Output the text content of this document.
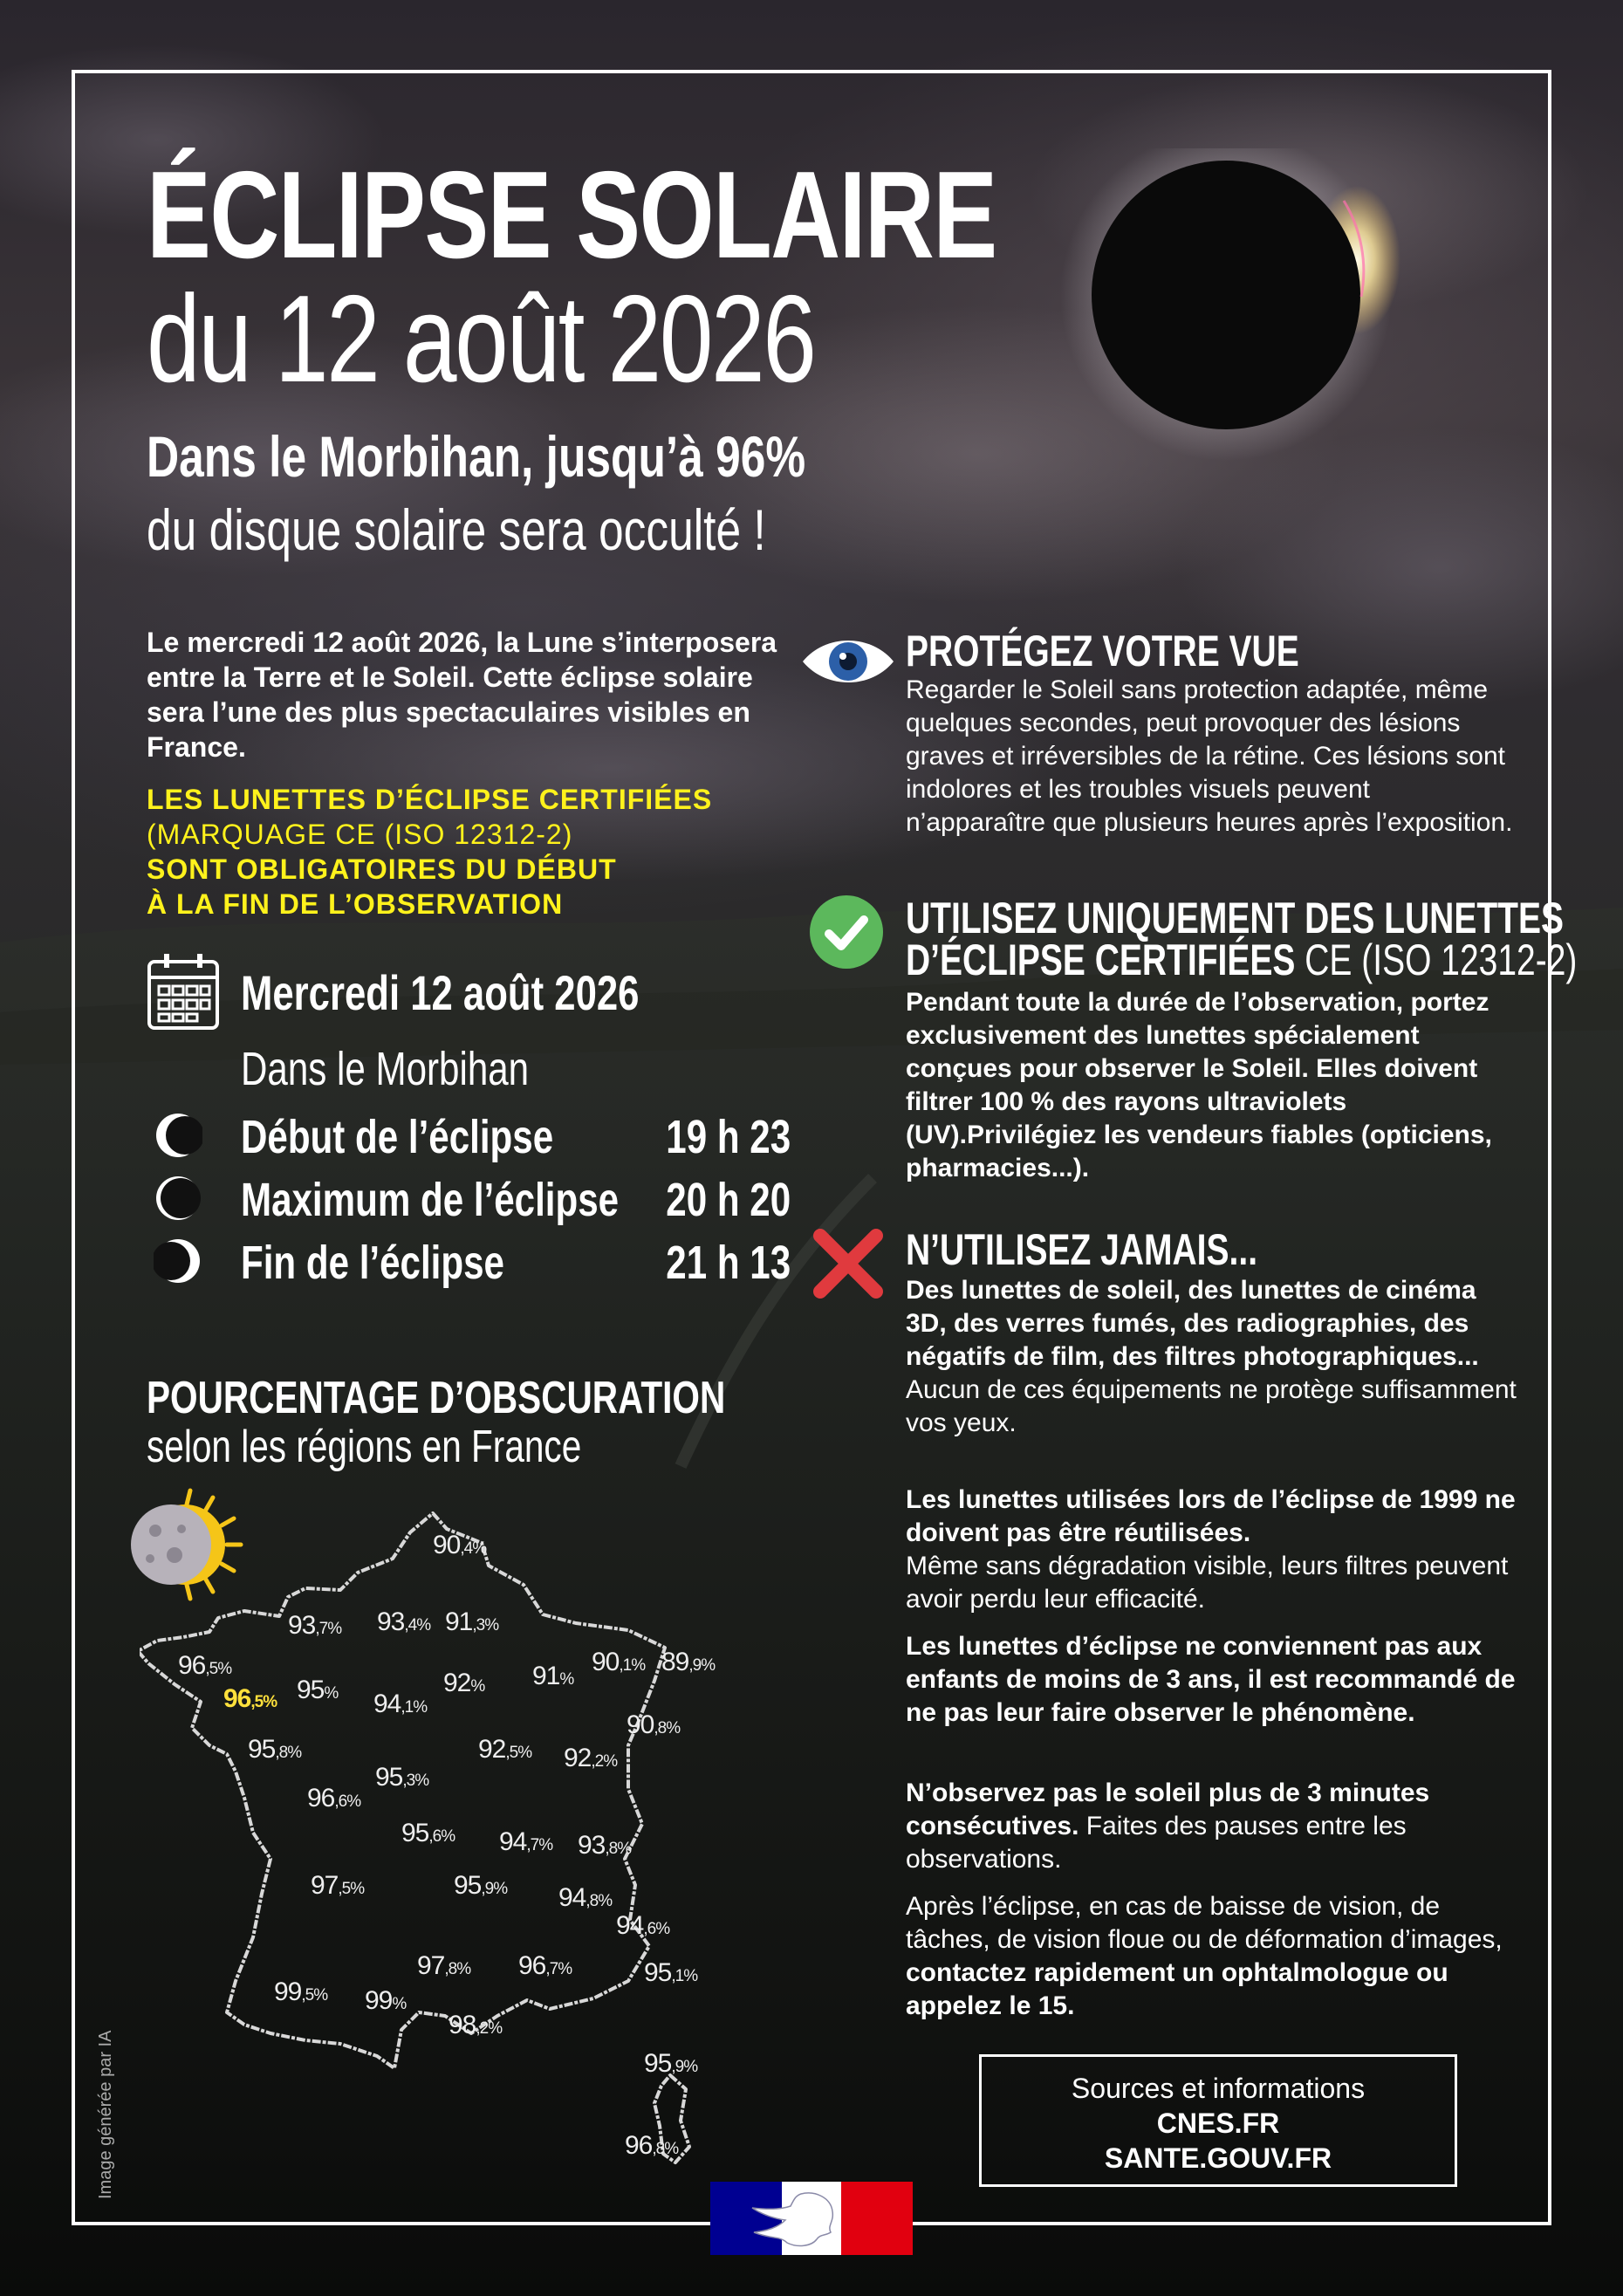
ÉCLIPSE SOLAIRE
du 12 août 2026
Dans le Morbihan, jusqu’à 96%
du disque solaire sera occulté !
Le mercredi 12 août 2026, la Lune s’interposera entre la Terre et le Soleil. Cette éclipse solaire sera l’une des plus spectaculaires visibles en France.
LES LUNETTES D’ÉCLIPSE CERTIFIÉES
(MARQUAGE CE (ISO 12312-2)
SONT OBLIGATOIRES DU DÉBUT
À LA FIN DE L’OBSERVATION
Mercredi 12 août 2026
Dans le Morbihan
Début de l’éclipse	19 h 23
Maximum de l’éclipse	20 h 20
Fin de l’éclipse	21 h 13
POURCENTAGE D’OBSCURATION
selon les régions en France
90,4%
93,7% 93,4% 91,3%
96,5%
96,5% 95% 94,1%
92% 91%
90,1% 89,9%
95,8%	92,5% 92,2%
90,8%
96,6%
95,3%
95,6% 94,7% 93,8%
97,5%	95,9% 94,8%
94,6%
97,8% 96,7%	95,1%
99,5% 99%
98,2%
95,9%
96,8%
Image générée par IA
PROTÉGEZ VOTRE VUE
Regarder le Soleil sans protection adaptée, même quelques secondes, peut provoquer des lésions graves et irréversibles de la rétine. Ces lésions sont indolores et les troubles visuels peuvent n’apparaître que plusieurs heures après l’exposition.
UTILISEZ UNIQUEMENT DES LUNETTES
D’ÉCLIPSE CERTIFIÉES CE (ISO 12312-2)
Pendant toute la durée de l’observation, portez exclusivement des lunettes spécialement conçues pour observer le Soleil. Elles doivent filtrer 100 % des rayons ultraviolets (UV).Privilégiez les vendeurs fiables (opticiens, pharmacies...).
N’UTILISEZ JAMAIS...
Des lunettes de soleil, des lunettes de cinéma 3D, des verres fumés, des radiographies, des négatifs de film, des filtres photographiques...
Aucun de ces équipements ne protège suffisamment vos yeux.
Les lunettes utilisées lors de l’éclipse de 1999 ne doivent pas être réutilisées.
Même sans dégradation visible, leurs filtres peuvent avoir perdu leur efficacité.
Les lunettes d’éclipse ne conviennent pas aux enfants de moins de 3 ans, il est recommandé de ne pas leur faire observer le phénomène.
N’observez pas le soleil plus de 3 minutes consécutives. Faites des pauses entre les observations.
Après l’éclipse, en cas de baisse de vision, de tâches, de vision floue ou de déformation d’images, contactez rapidement un ophtalmologue ou appelez le 15.
Sources et informations
CNES.FR
SANTE.GOUV.FR
